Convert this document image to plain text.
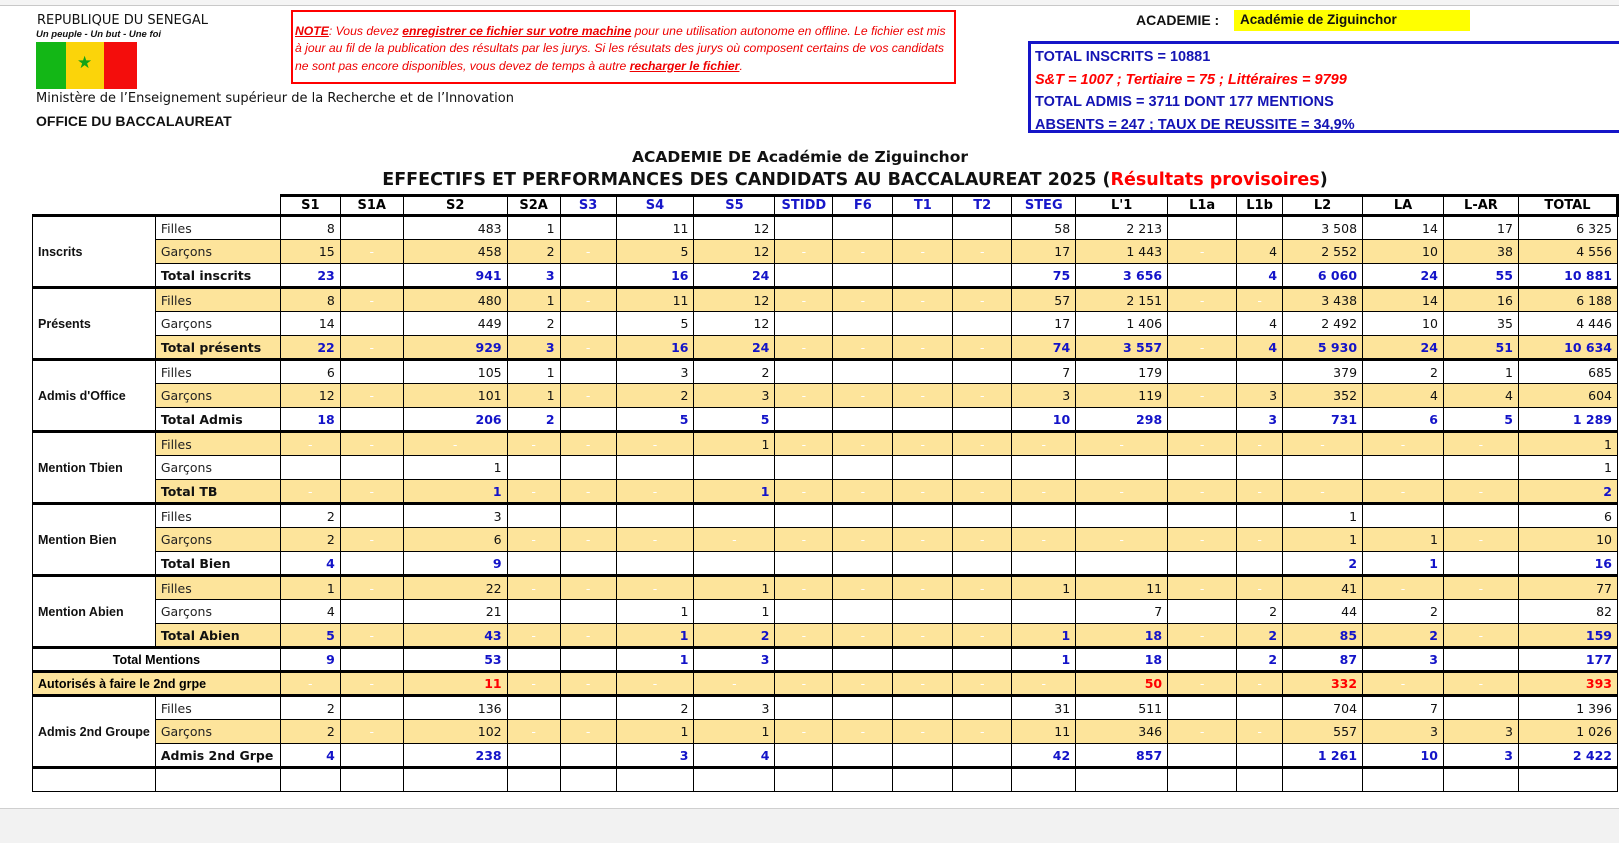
REPUBLIQUE DU SENEGAL
Un peuple - Un but - Une foi
★
Ministère de l’Enseignement supérieur de la Recherche et de l’Innovation
OFFICE DU BACCALAUREAT
NOTE: Vous devez enregistrer ce fichier sur votre machine pour une utilisation autonome en offline. Le fichier est mis à jour au fil de la publication des résultats par les jurys. Si les résutats des jurys où composent certains de vos candidats ne sont pas encore disponibles, vous devez de temps à autre recharger le fichier.
ACADEMIE :	Académie de Ziguinchor
TOTAL INSCRITS = 10881
S&T = 1007 ; Tertiaire = 75 ; Littéraires = 9799
TOTAL ADMIS = 3711 DONT 177 MENTIONS
ABSENTS = 247 ; TAUX DE REUSSITE = 34,9%
ACADEMIE DE Académie de Ziguinchor
EFFECTIFS ET PERFORMANCES DES CANDIDATS AU BACCALAUREAT 2025 (Résultats provisoires)
		S1	S1A	S2	S2A	S3	S4	S5	STIDD	F6	T1	T2	STEG	L'1	L1a	L1b	L2	LA	L-AR	TOTAL
Inscrits	Filles	8		483	1		11	12					58	2 213			3 508	14	17	6 325
	Garçons	15	-	458	2	-	5	12	-	-	-	-	17	1 443	-	4	2 552	10	38	4 556
	Total inscrits	23		941	3		16	24					75	3 656		4	6 060	24	55	10 881
Présents	Filles	8	-	480	1	-	11	12	-	-	-	-	57	2 151	-	-	3 438	14	16	6 188
	Garçons	14		449	2		5	12					17	1 406		4	2 492	10	35	4 446
	Total présents	22	-	929	3	-	16	24	-	-	-	-	74	3 557	-	4	5 930	24	51	10 634
Admis d'Office	Filles	6		105	1		3	2					7	179			379	2	1	685
	Garçons	12	-	101	1	-	2	3	-	-	-	-	3	119	-	3	352	4	4	604
	Total Admis	18		206	2		5	5					10	298		3	731	6	5	1 289
Mention Tbien	Filles	-	-	-	-	-	-	1	-	-	-	-	-	-	-	-	-	-	-	1
	Garçons			1																1
	Total TB	-	-	1	-	-	-	1	-	-	-	-	-	-	-	-	-	-	-	2
Mention Bien	Filles	2		3													1			6
	Garçons	2	-	6	-	-	-	-	-	-	-	-	-	-	-	-	1	1	-	10
	Total Bien	4		9													2	1		16
Mention Abien	Filles	1	-	22	-	-	-	1	-	-	-	-	1	11	-	-	41	-	-	77
	Garçons	4		21			1	1						7		2	44	2		82
	Total Abien	5	-	43	-	-	1	2	-	-	-	-	1	18	-	2	85	2	-	159
Total Mentions		9		53			1	3					1	18		2	87	3		177
Autorisés à faire le 2nd grpe		-	-	11	-	-	-	-	-	-	-	-	-	50	-	-	332	-	-	393
Admis 2nd Groupe	Filles	2		136			2	3					31	511			704	7		1 396
	Garçons	2	-	102	-	-	1	1	-	-	-	-	11	346	-	-	557	3	3	1 026
	Admis 2nd Grpe	4		238			3	4					42	857			1 261	10	3	2 422
